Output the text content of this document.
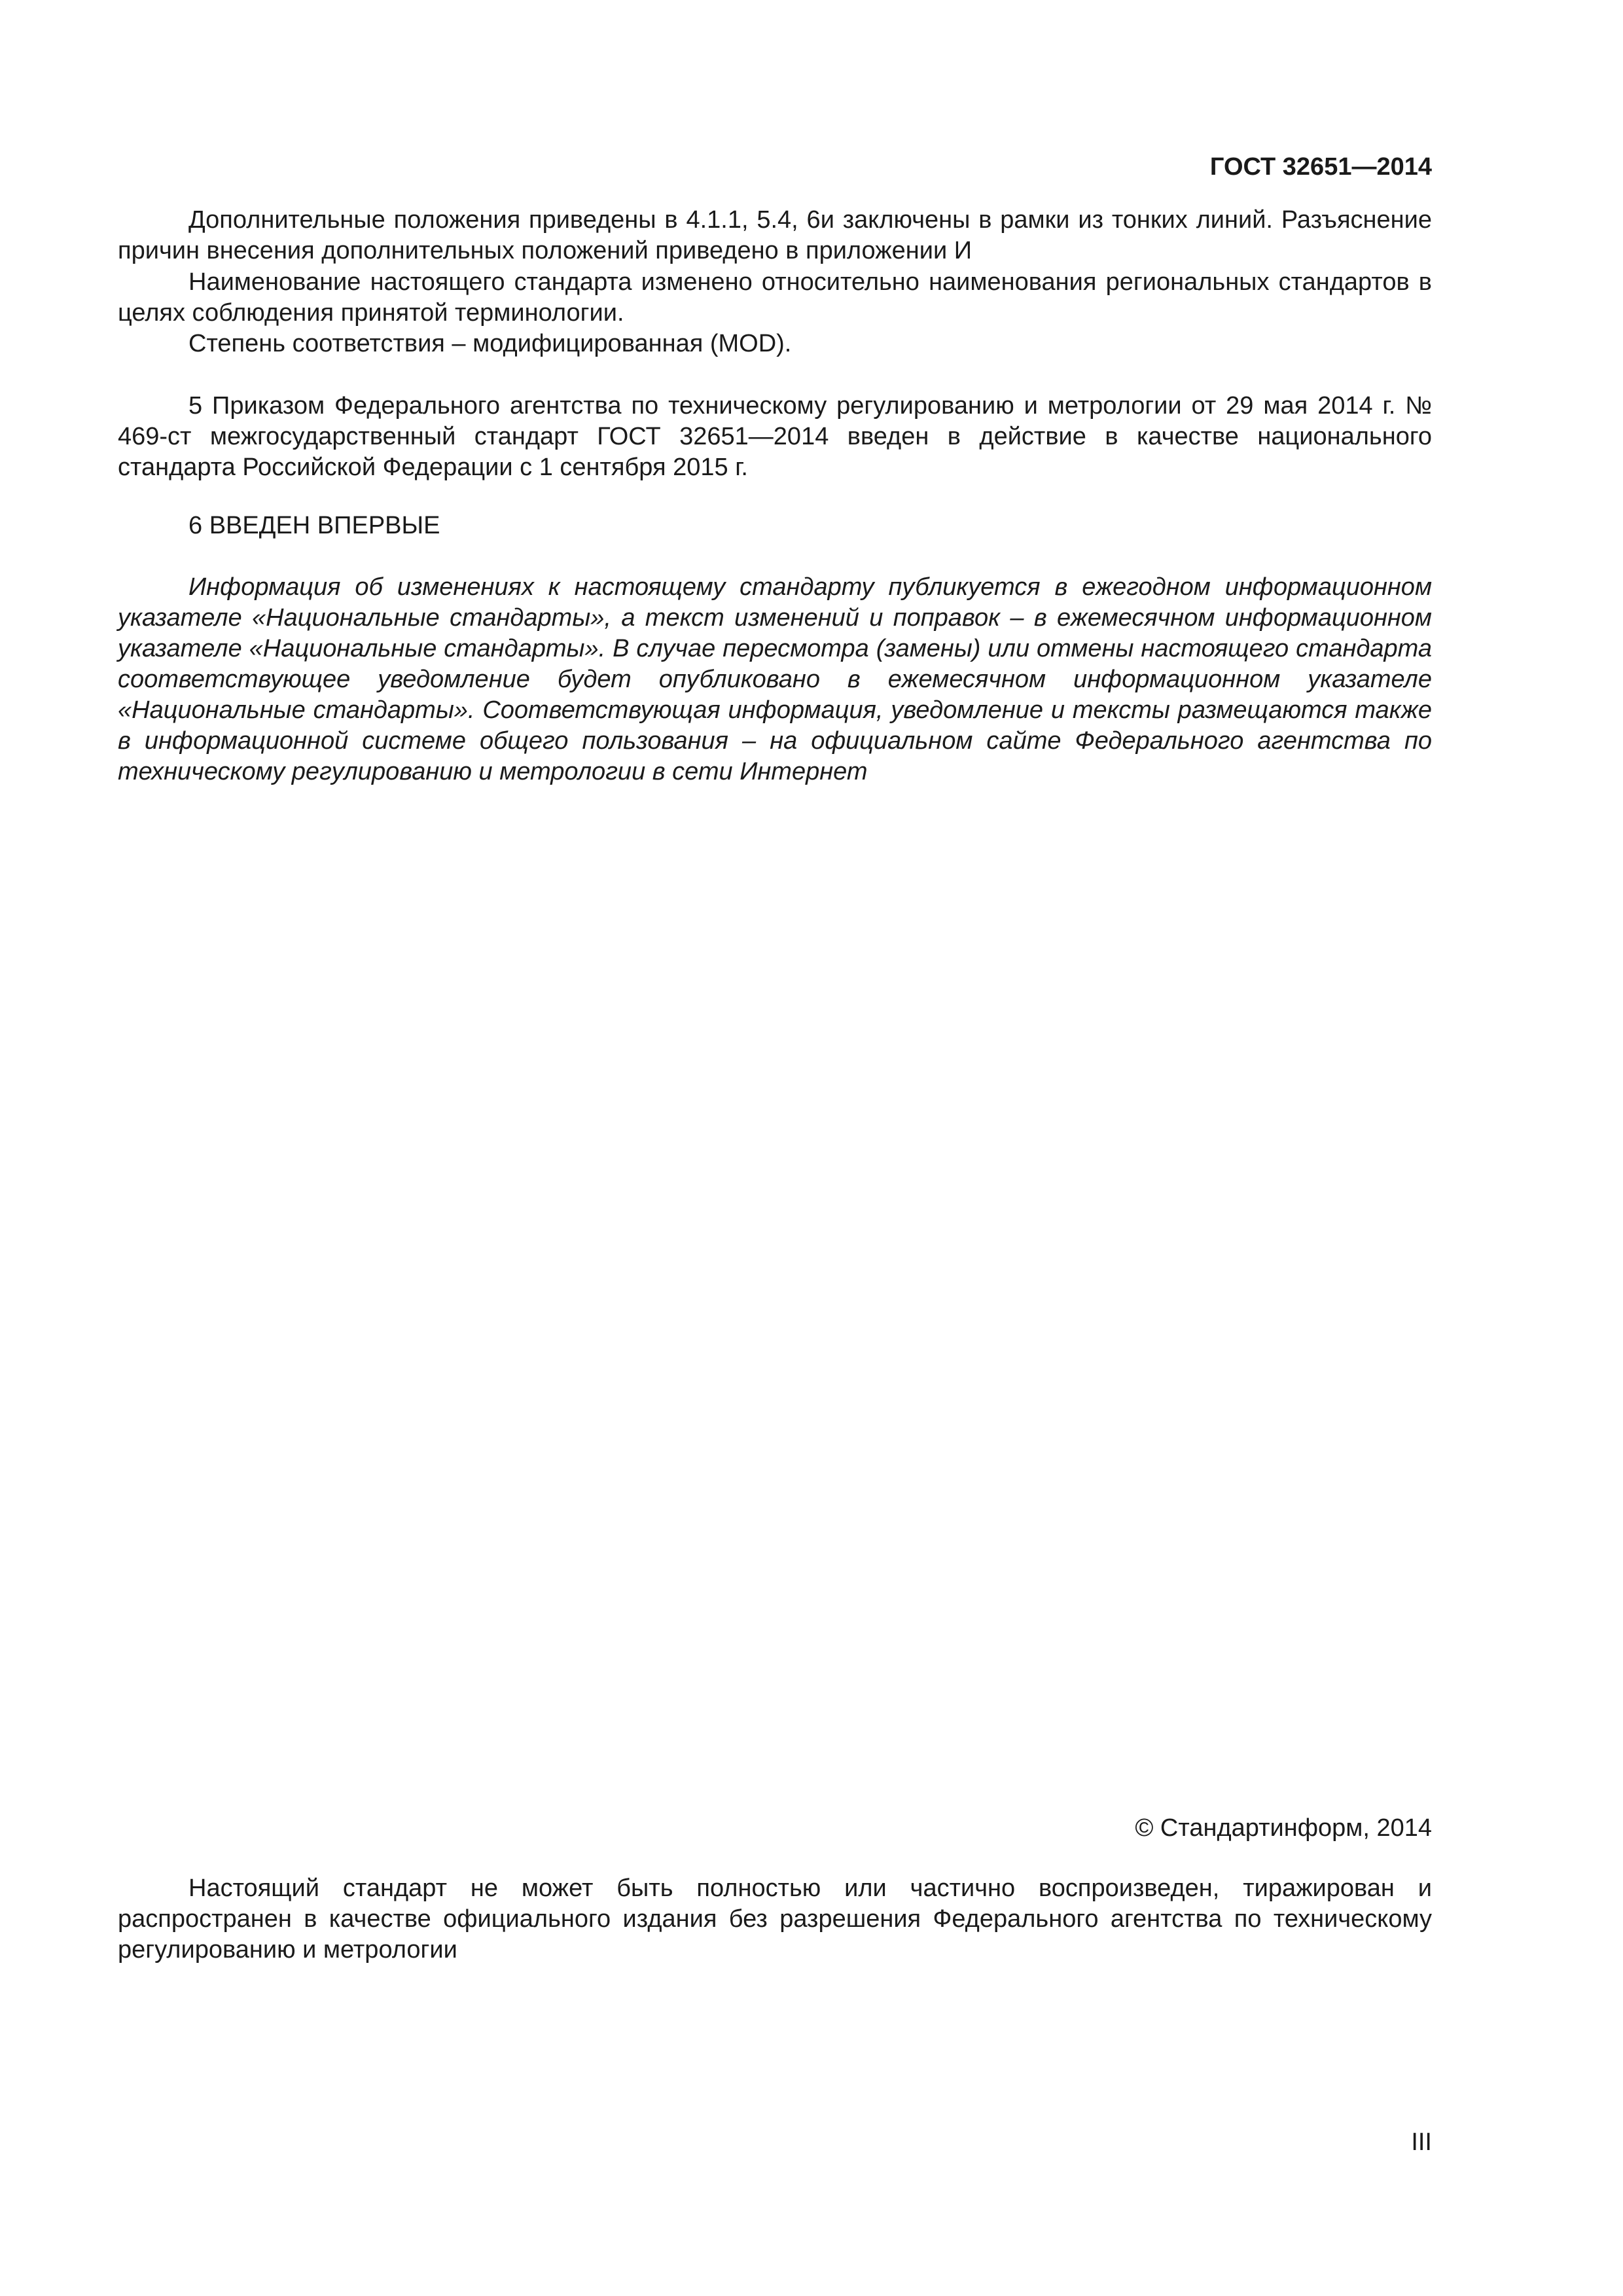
ГОСТ 32651—2014

Дополнительные положения приведены в 4.1.1, 5.4, 6и заключены в рамки из тонких линий. Разъяснение причин внесения дополнительных положений приведено в приложении И

Наименование настоящего стандарта изменено относительно наименования региональных стандартов в целях соблюдения принятой терминологии.

Степень соответствия – модифицированная (MOD).

5 Приказом Федерального агентства по техническому регулированию и метрологии от 29 мая 2014 г. № 469-ст межгосударственный стандарт ГОСТ 32651—2014 введен в действие в качестве национального стандарта Российской Федерации с 1 сентября 2015 г.

6 ВВЕДЕН ВПЕРВЫЕ

Информация об изменениях к настоящему стандарту публикуется в ежегодном информационном указателе «Национальные стандарты», а текст изменений и поправок – в ежемесячном информационном указателе «Национальные стандарты». В случае пересмотра (замены) или отмены настоящего стандарта соответствующее уведомление будет опубликовано в ежемесячном информационном указателе «Национальные стандарты». Соответствующая информация, уведомление и тексты размещаются также в информационной системе общего пользования – на официальном сайте Федерального агентства по техническому регулированию и метрологии в сети Интернет

© Стандартинформ, 2014

Настоящий стандарт не может быть полностью или частично воспроизведен, тиражирован и распространен в качестве официального издания без разрешения Федерального агентства по техническому регулированию и метрологии

III
